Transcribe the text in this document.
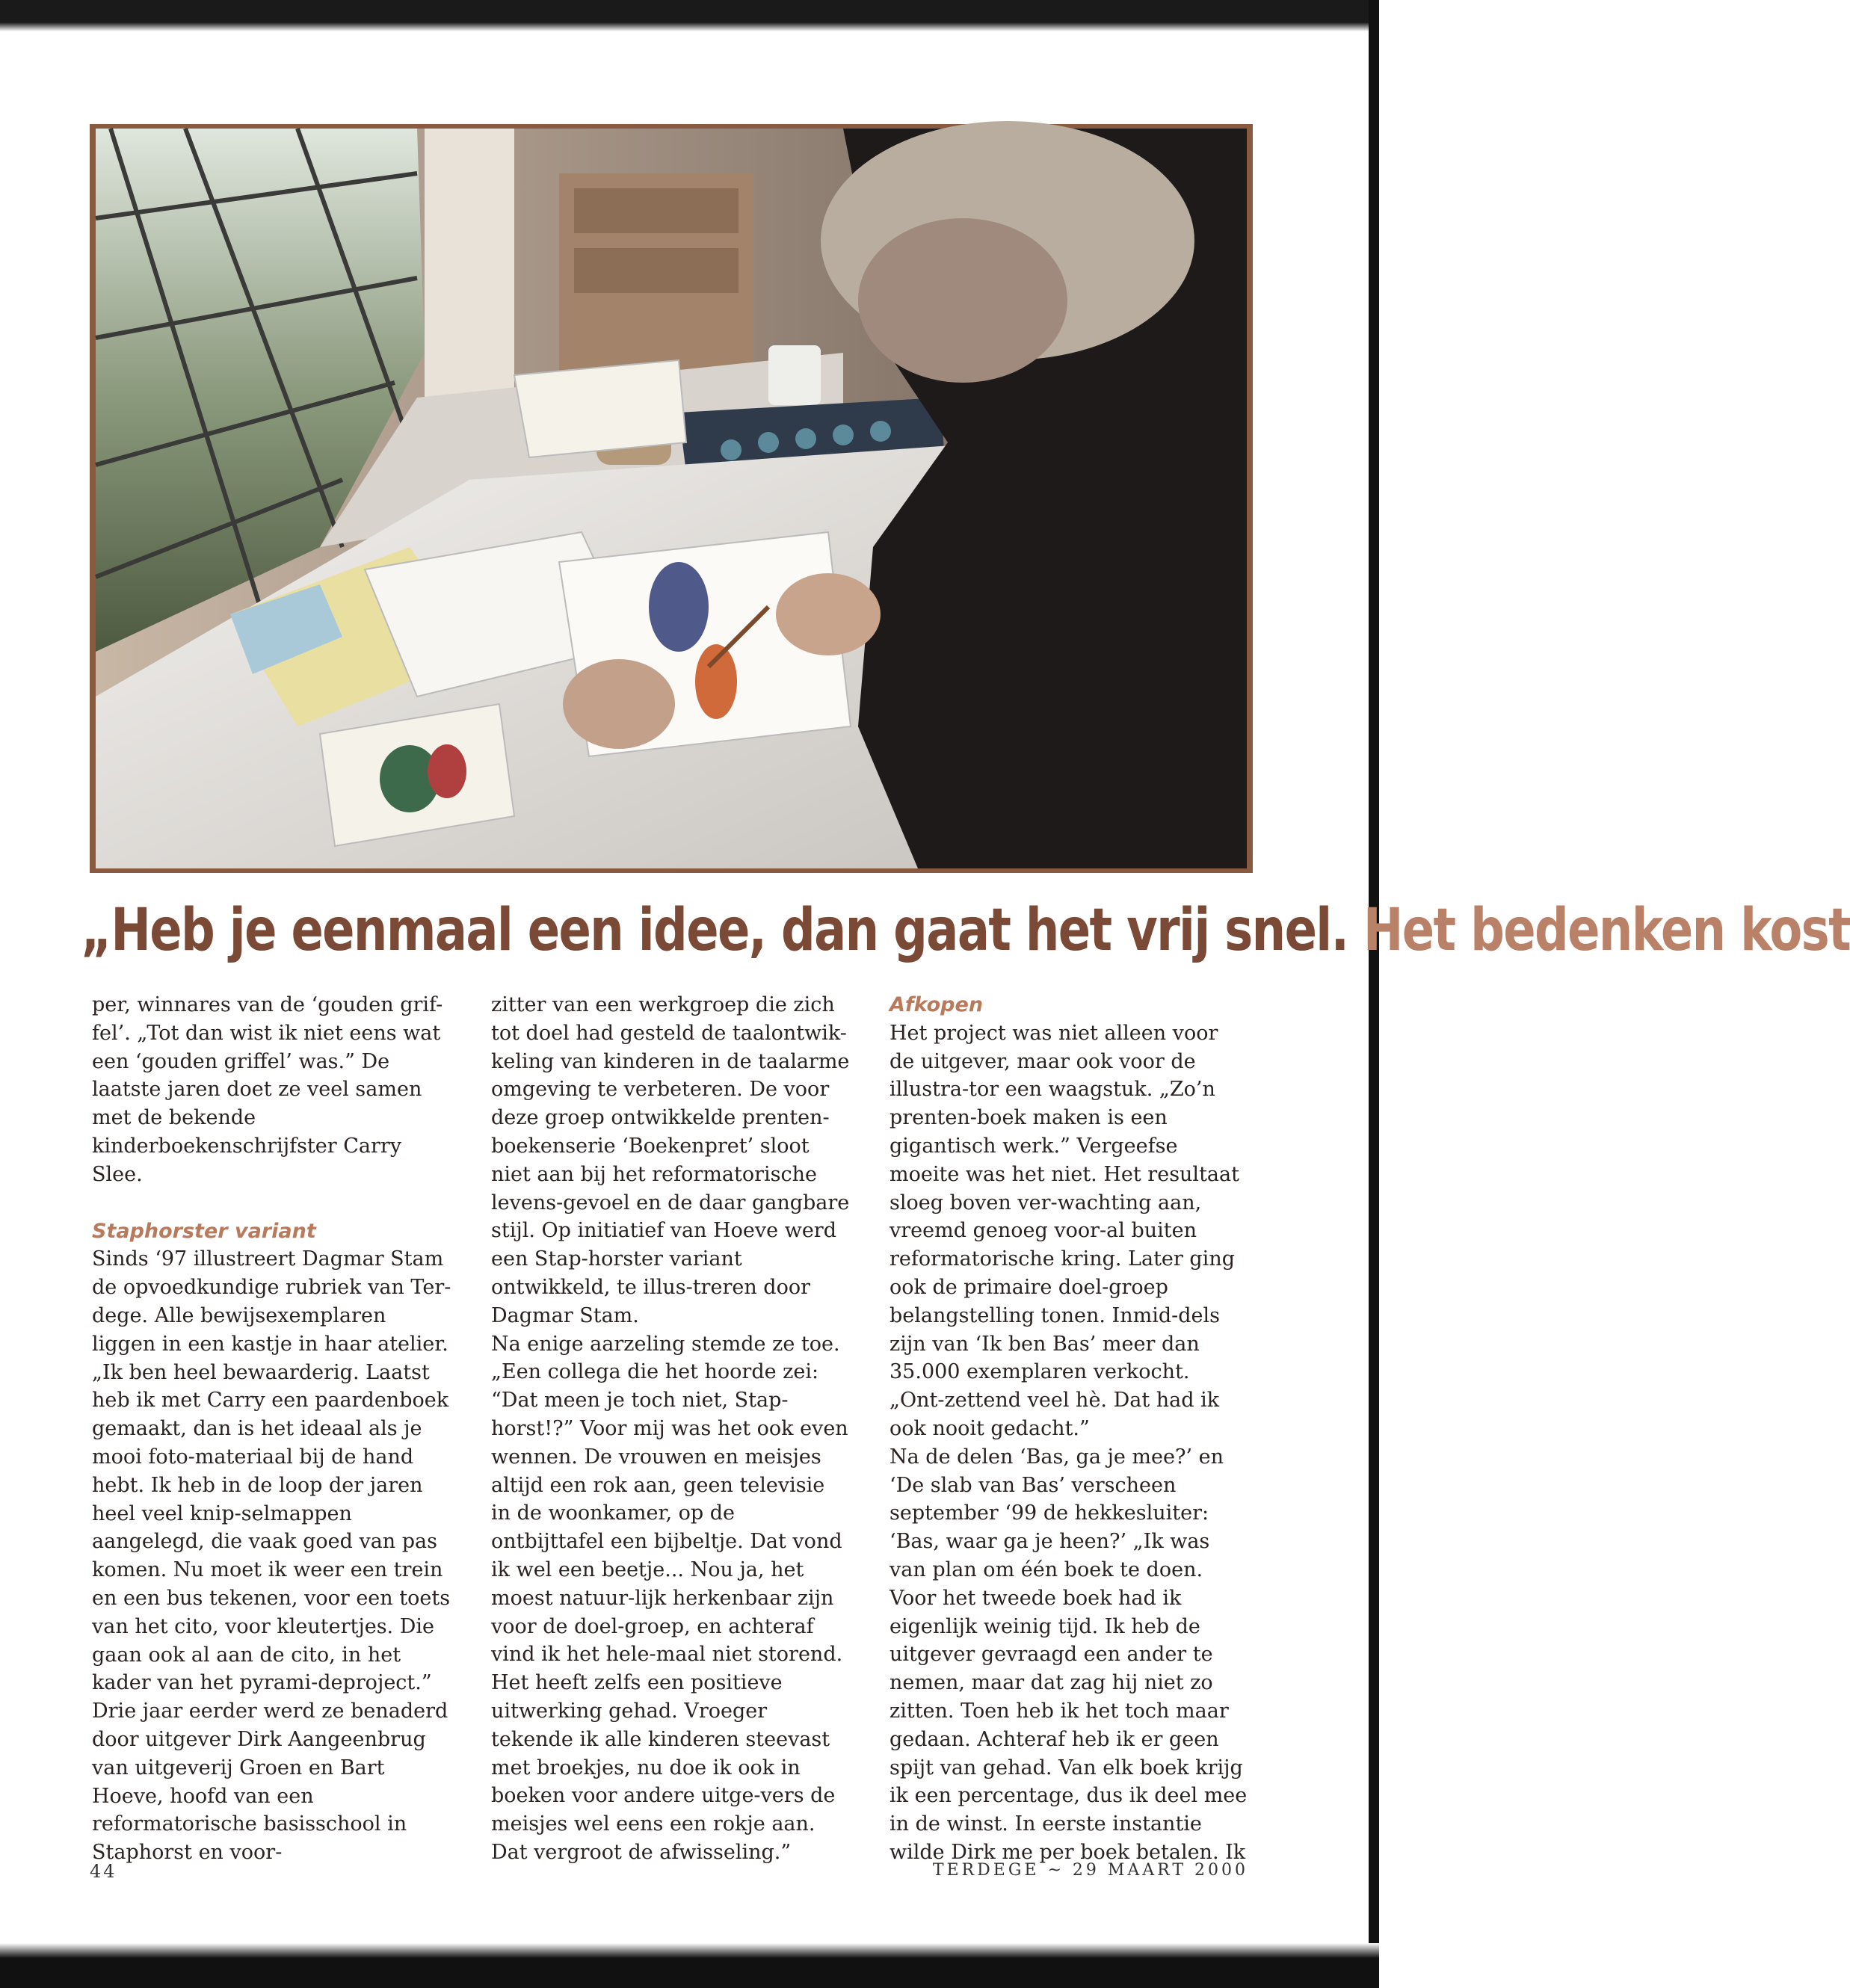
„Heb je eenmaal een idee, dan gaat het vrij snel. Het bedenken kost

per, winnares van de ‘gouden grif-fel’. „Tot dan wist ik niet eens wat een ‘gouden griffel’ was.” De laatste jaren doet ze veel samen met de bekende kinderboekenschrijfster Carry Slee.

Staphorster variant

Sinds ‘97 illustreert Dagmar Stam de opvoedkundige rubriek van Ter-dege. Alle bewijsexemplaren liggen in een kastje in haar atelier. „Ik ben heel bewaarderig. Laatst heb ik met Carry een paardenboek gemaakt, dan is het ideaal als je mooi foto-materiaal bij de hand hebt. Ik heb in de loop der jaren heel veel knip-selmappen aangelegd, die vaak goed van pas komen. Nu moet ik weer een trein en een bus tekenen, voor een toets van het cito, voor kleutertjes. Die gaan ook al aan de cito, in het kader van het pyrami-deproject.”

Drie jaar eerder werd ze benaderd door uitgever Dirk Aangeenbrug van uitgeverij Groen en Bart Hoeve, hoofd van een reformatorische basisschool in Staphorst en voor-

zitter van een werkgroep die zich tot doel had gesteld de taalontwik-keling van kinderen in de taalarme omgeving te verbeteren. De voor deze groep ontwikkelde prenten-boekenserie ‘Boekenpret’ sloot niet aan bij het reformatorische levens-gevoel en de daar gangbare stijl. Op initiatief van Hoeve werd een Stap-horster variant ontwikkeld, te illus-treren door Dagmar Stam.

Na enige aarzeling stemde ze toe. „Een collega die het hoorde zei: “Dat meen je toch niet, Stap-horst!?” Voor mij was het ook even wennen. De vrouwen en meisjes altijd een rok aan, geen televisie in de woonkamer, op de ontbijttafel een bijbeltje. Dat vond ik wel een beetje... Nou ja, het moest natuur-lijk herkenbaar zijn voor de doel-groep, en achteraf vind ik het hele-maal niet storend. Het heeft zelfs een positieve uitwerking gehad. Vroeger tekende ik alle kinderen steevast met broekjes, nu doe ik ook in boeken voor andere uitge-vers de meisjes wel eens een rokje aan. Dat vergroot de afwisseling.”

Afkopen

Het project was niet alleen voor de uitgever, maar ook voor de illustra-tor een waagstuk. „Zo’n prenten-boek maken is een gigantisch werk.” Vergeefse moeite was het niet. Het resultaat sloeg boven ver-wachting aan, vreemd genoeg voor-al buiten reformatorische kring. Later ging ook de primaire doel-groep belangstelling tonen. Inmid-dels zijn van ‘Ik ben Bas’ meer dan 35.000 exemplaren verkocht. „Ont-zettend veel hè. Dat had ik ook nooit gedacht.”

Na de delen ‘Bas, ga je mee?’ en ‘De slab van Bas’ verscheen september ‘99 de hekkesluiter: ‘Bas, waar ga je heen?’ „Ik was van plan om één boek te doen. Voor het tweede boek had ik eigenlijk weinig tijd. Ik heb de uitgever gevraagd een ander te nemen, maar dat zag hij niet zo zitten. Toen heb ik het toch maar gedaan. Achteraf heb ik er geen spijt van gehad. Van elk boek krijg ik een percentage, dus ik deel mee in de winst. In eerste instantie wilde Dirk me per boek betalen. Ik

44	TERDEGE ~ 29 MAART 2000
